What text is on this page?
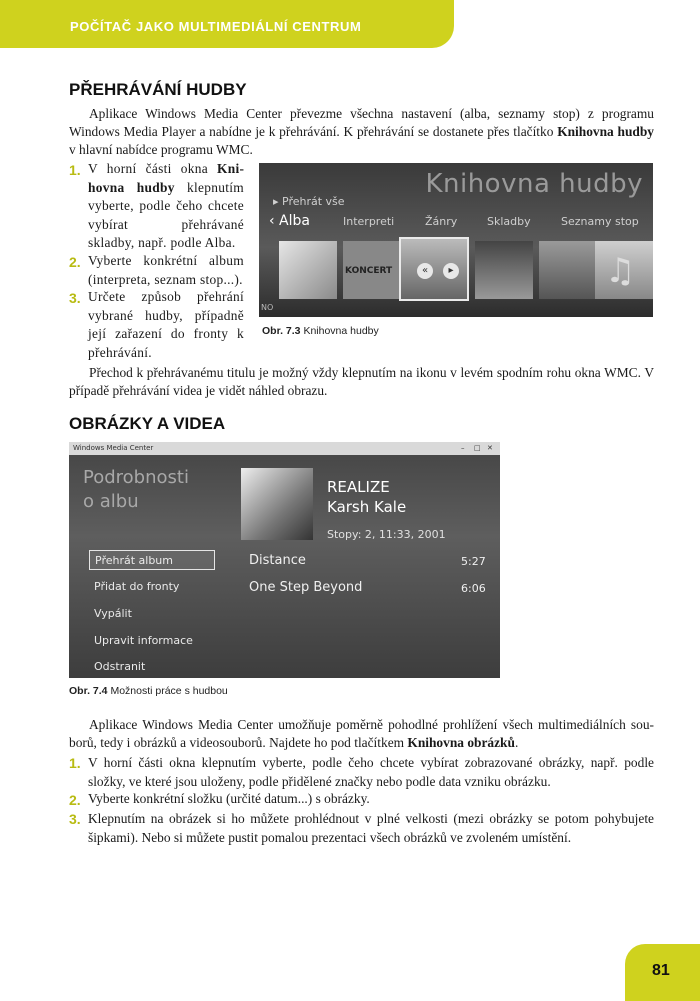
POČÍTAČ JAKO MULTIMEDIÁLNÍ CENTRUM
PŘEHRÁVÁNÍ HUDBY

Aplikace Windows Media Center převezme všechna nastavení (alba, seznamy stop) z programu Windows Media Player a nabídne je k přehrávání. K přehrávání se dostanete přes tlačítko Knihovna hudby v hlavní nabídce programu WMC.

1. V horní části okna Knihovna hudby klepnutím vyberte, podle čeho chcete vybírat přehrávané skladby, např. podle Alba.

2. Vyberte konkrétní album (interpreta, seznam stop...).

3. Určete způsob přehrání vybrané hudby, případně její zařazení do fronty k přehrávání.

Knihovna hudby
▸ Přehrát vše
‹ Alba	Interpreti	Žánry	Skladby	Seznamy stop
KONCERT	«	▸	♫
NO
Obr. 7.3 Knihovna hudby

Přechod k přehrávanému titulu je možný vždy klepnutím na ikonu v levém spodním rohu okna WMC. V případě přehrávání videa je vidět náhled obrazu.

OBRÁZKY A VIDEA
Windows Media Center	– □ ✕
Podrobnosti
o albu
REALIZE
Karsh Kale
Stopy: 2, 11:33, 2001
Přehrát album
Přidat do fronty
Vypálit
Upravit informace
Odstranit
Distance	5:27
One Step Beyond	6:06
Obr. 7.4 Možnosti práce s hudbou

Aplikace Windows Media Center umožňuje poměrně pohodlné prohlížení všech multimediálních souborů, tedy i obrázků a videosouborů. Najdete ho pod tlačítkem Knihovna obrázků.

1. V horní části okna klepnutím vyberte, podle čeho chcete vybírat zobrazované obrázky, např. podle složky, ve které jsou uloženy, podle přidělené značky nebo podle data vzniku obrázku.

2. Vyberte konkrétní složku (určité datum...) s obrázky.

3. Klepnutím na obrázek si ho můžete prohlédnout v plné velkosti (mezi obrázky se potom pohybujete šipkami). Nebo si můžete pustit pomalou prezentaci všech obrázků ve zvoleném umístění.

81
